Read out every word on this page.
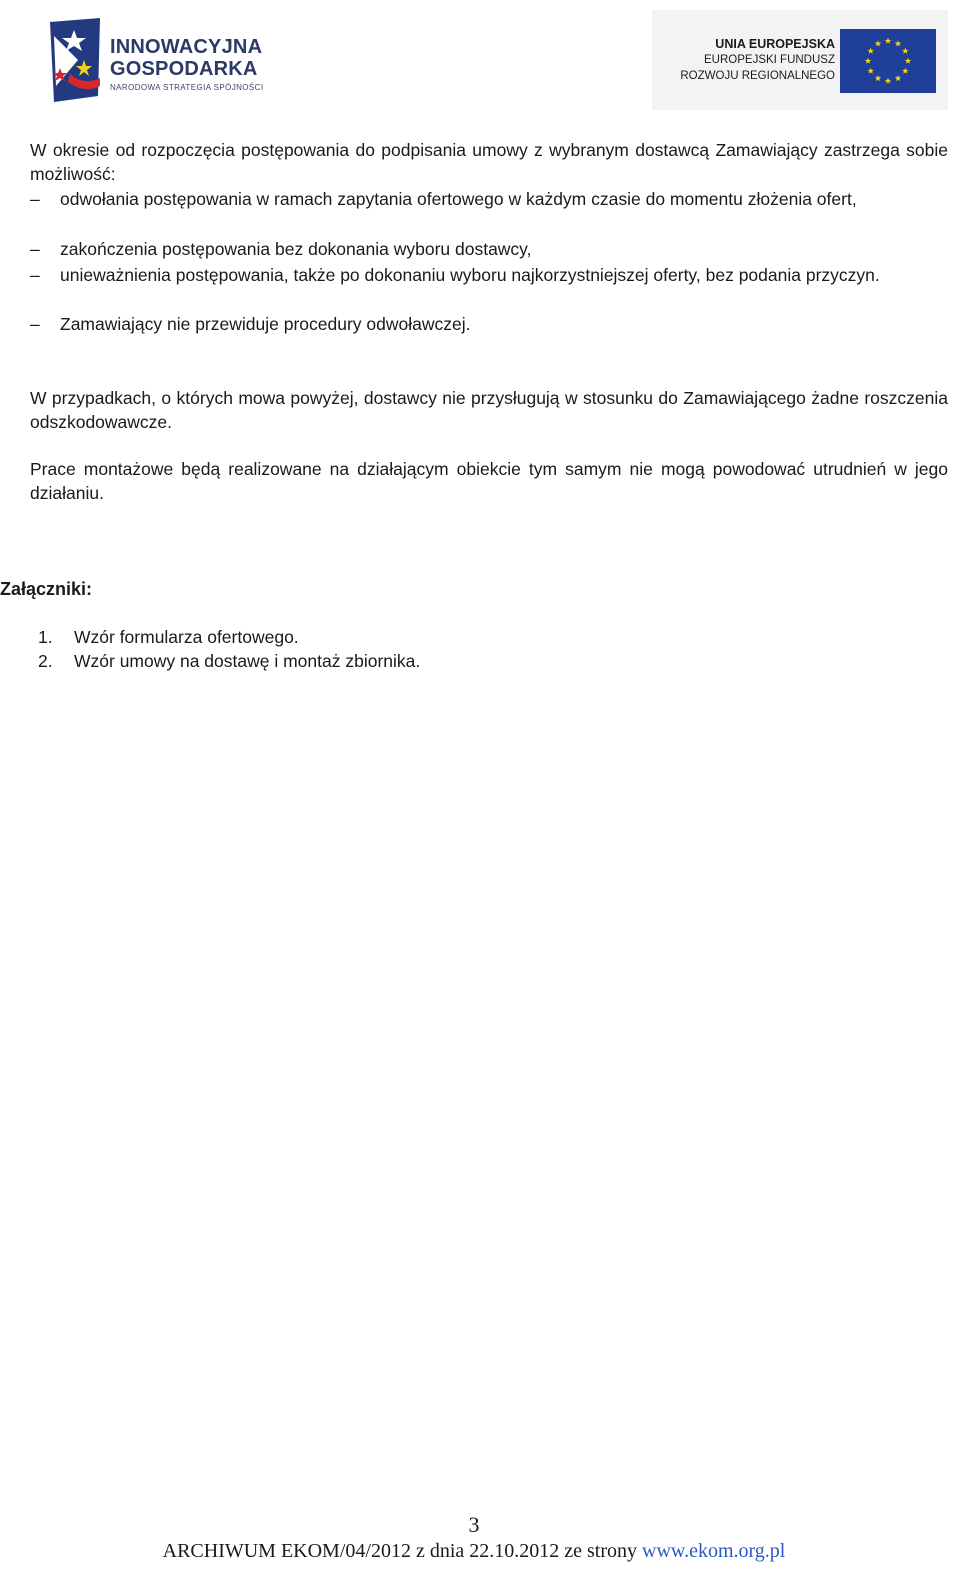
INNOWACYJNA
GOSPODARKA
NARODOWA STRATEGIA SPÓJNOŚCI
UNIA EUROPEJSKA
EUROPEJSKI FUNDUSZ
ROZWOJU REGIONALNEGO

W okresie od rozpoczęcia postępowania do podpisania umowy z wybranym dostawcą Zamawiający zastrzega sobie możliwość:

– odwołania postępowania w ramach zapytania ofertowego w każdym czasie do momentu złożenia ofert,
– zakończenia postępowania bez dokonania wyboru dostawcy,
– unieważnienia postępowania, także po dokonaniu wyboru najkorzystniejszej oferty, bez podania przyczyn.
– Zamawiający nie przewiduje procedury odwoławczej.

W przypadkach, o których mowa powyżej, dostawcy nie przysługują w stosunku do Zamawiającego żadne roszczenia odszkodowawcze.

Prace montażowe będą realizowane na działającym obiekcie tym samym nie mogą powodować utrudnień w jego działaniu.

Załączniki:
1. Wzór formularza ofertowego.
2. Wzór umowy na dostawę i montaż zbiornika.
3
ARCHIWUM EKOM/04/2012 z dnia 22.10.2012 ze strony www.ekom.org.pl
